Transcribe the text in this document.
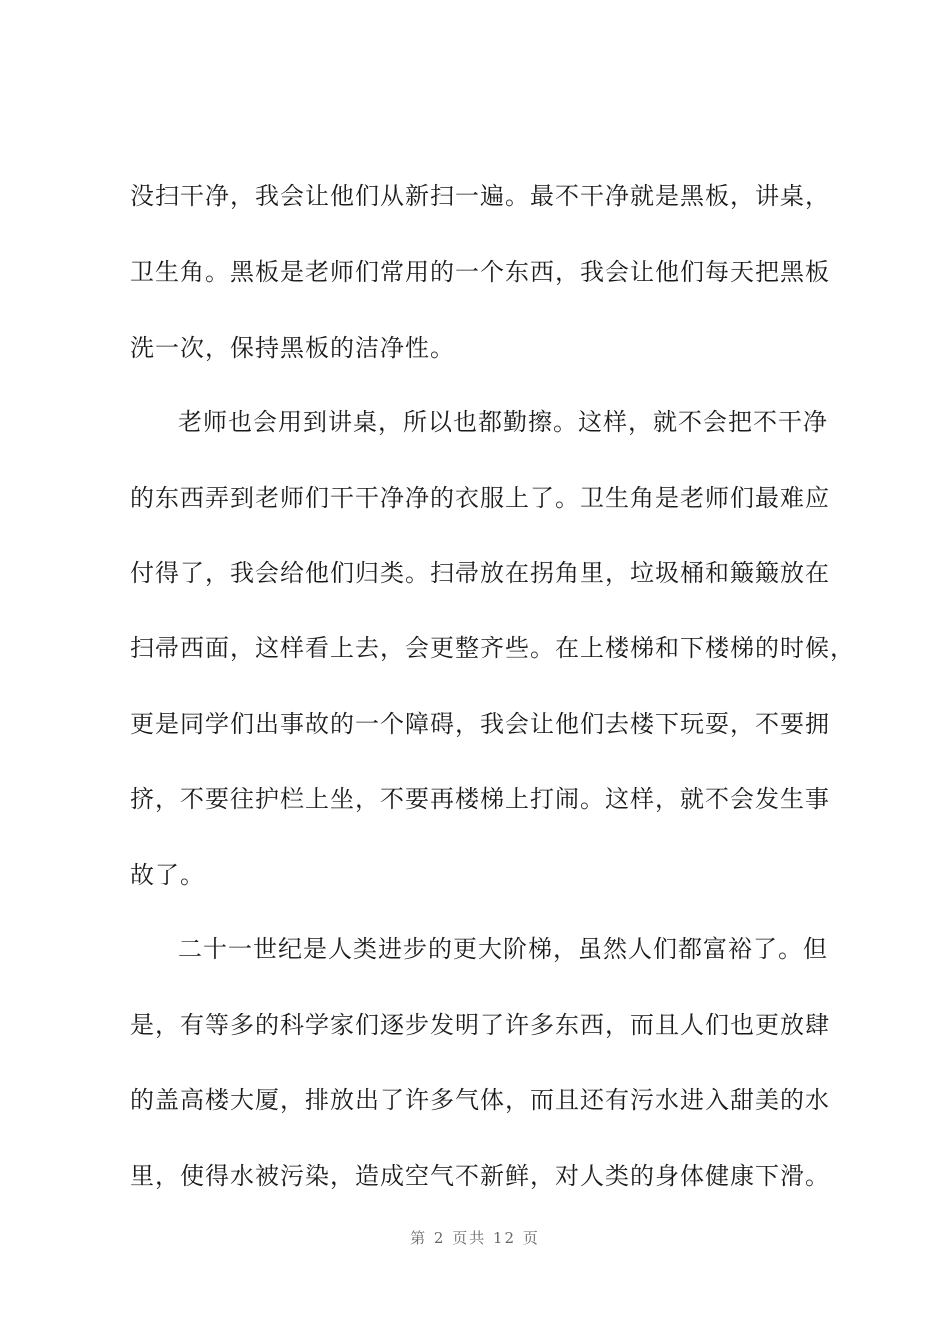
没扫干净，我会让他们从新扫一遍。最不干净就是黑板，讲桌，
卫生角。黑板是老师们常用的一个东西，我会让他们每天把黑板
洗一次，保持黑板的洁净性。
老师也会用到讲桌，所以也都勤擦。这样，就不会把不干净
的东西弄到老师们干干净净的衣服上了。卫生角是老师们最难应
付得了，我会给他们归类。扫帚放在拐角里，垃圾桶和簸簸放在
扫帚西面，这样看上去，会更整齐些。在上楼梯和下楼梯的时候，
更是同学们出事故的一个障碍，我会让他们去楼下玩耍，不要拥
挤，不要往护栏上坐，不要再楼梯上打闹。这样，就不会发生事
故了。
二十一世纪是人类进步的更大阶梯，虽然人们都富裕了。但
是，有等多的科学家们逐步发明了许多东西，而且人们也更放肆
的盖高楼大厦，排放出了许多气体，而且还有污水进入甜美的水
里，使得水被污染，造成空气不新鲜，对人类的身体健康下滑。
第 2 页共 12 页
